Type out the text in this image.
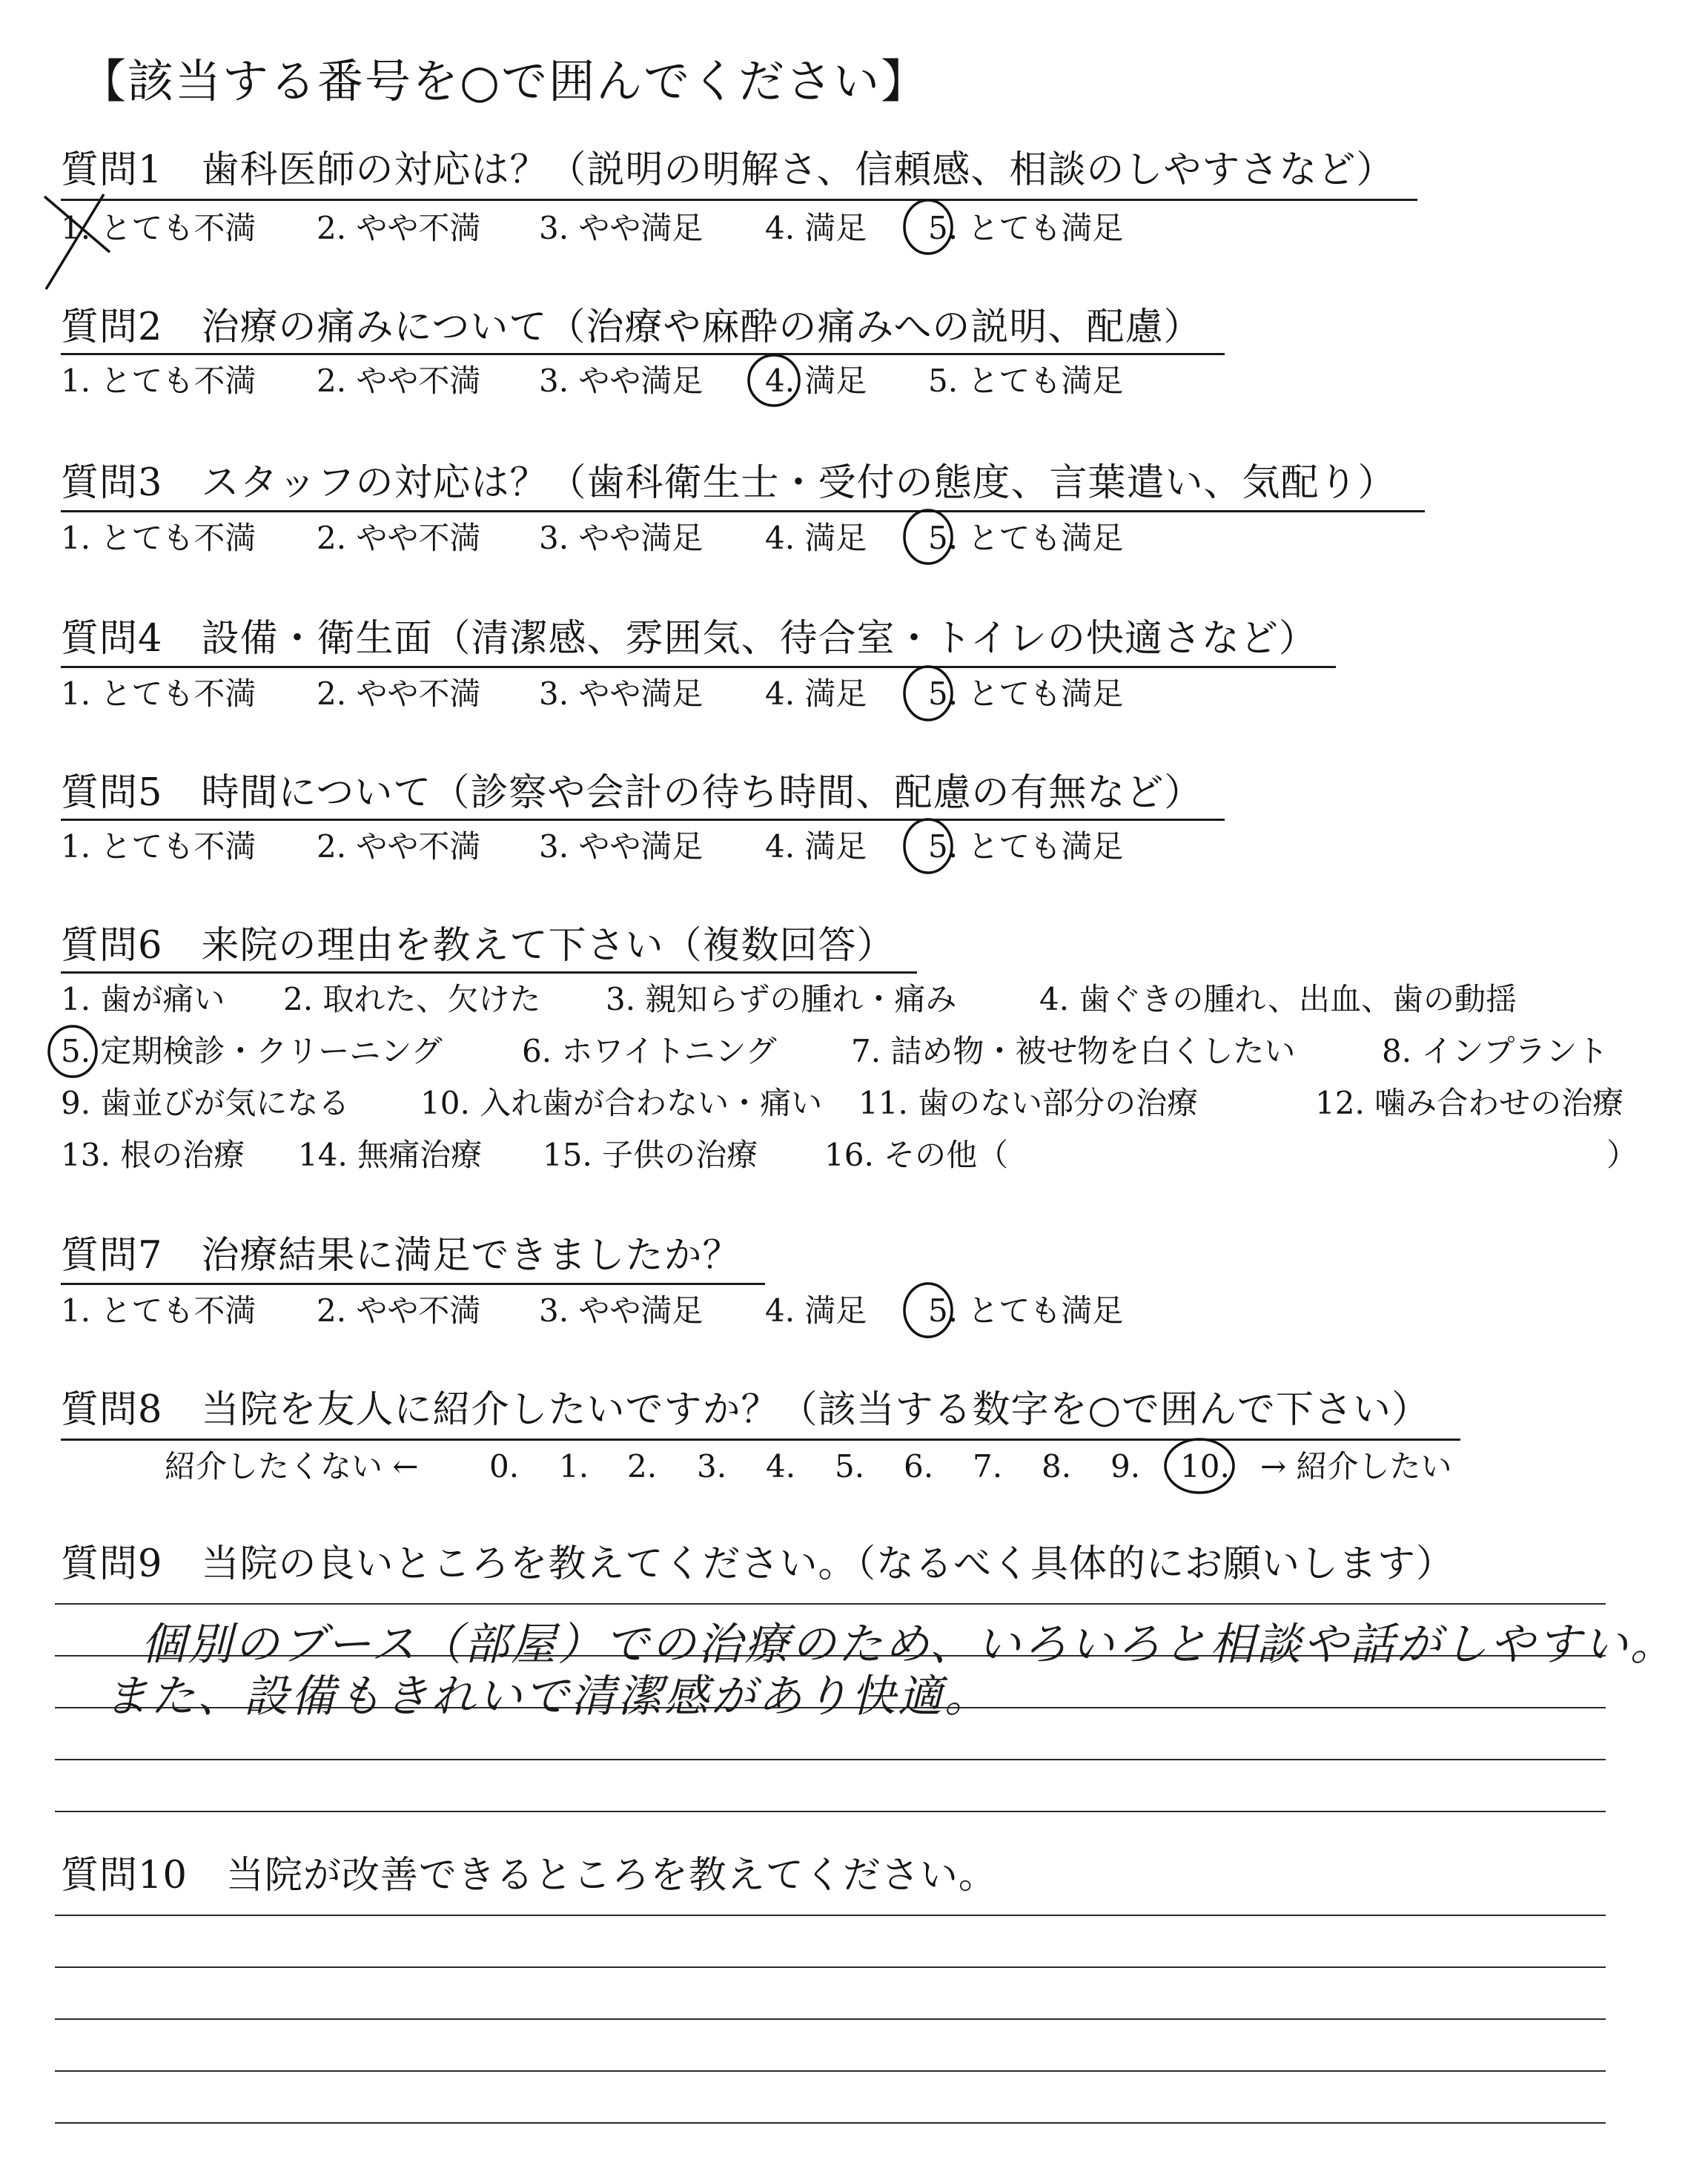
【該当する番号を○で囲んでください】
質問1　歯科医師の対応は？（説明の明解さ、信頼感、相談のしやすさなど）
1. とても不満 2. やや不満 3. やや満足 4. 満足 5. とても満足
質問2　治療の痛みについて（治療や麻酔の痛みへの説明、配慮）
1. とても不満 2. やや不満 3. やや満足 4. 満足 5. とても満足
質問3　スタッフの対応は？（歯科衛生士・受付の態度、言葉遣い、気配り）
1. とても不満 2. やや不満 3. やや満足 4. 満足 5. とても満足
質問4　設備・衛生面（清潔感、雰囲気、待合室・トイレの快適さなど）
1. とても不満 2. やや不満 3. やや満足 4. 満足 5. とても満足
質問5　時間について（診察や会計の待ち時間、配慮の有無など）
1. とても不満 2. やや不満 3. やや満足 4. 満足 5. とても満足
質問6　来院の理由を教えて下さい（複数回答）
1. 歯が痛い 2. 取れた、欠けた 3. 親知らずの腫れ・痛み	4. 歯ぐきの腫れ、出血、歯の動揺
5. 定期検診・クリーニング	6. ホワイトニング 7. 詰め物・被せ物を白くしたい	8. インプラント
9. 歯並びが気になる 10. 入れ歯が合わない・痛い 11. 歯のない部分の治療	12. 噛み合わせの治療
13. 根の治療 14. 無痛治療 15. 子供の治療 16. その他（	）
質問7　治療結果に満足できましたか？
1. とても不満 2. やや不満 3. やや満足 4. 満足 5. とても満足
質問8　当院を友人に紹介したいですか？（該当する数字を○で囲んで下さい）
紹介したくない ← 0. 1. 2. 3. 4. 5. 6. 7. 8. 9. 10. → 紹介したい
質問9　当院の良いところを教えてください。（なるべく具体的にお願いします）
個別のブース（部屋）での治療のため、いろいろと相談や話がしやすい。
また、設備もきれいで清潔感があり快適。
質問10　当院が改善できるところを教えてください。
